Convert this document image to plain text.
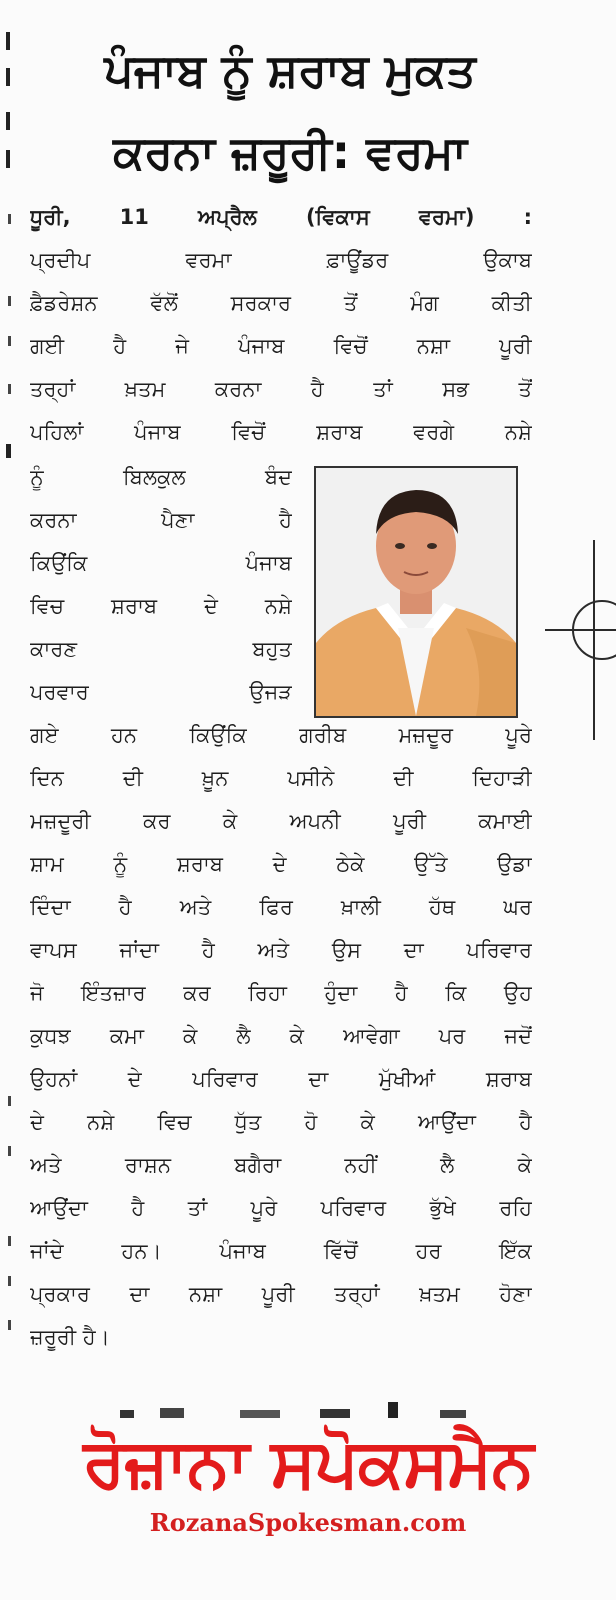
ਪੰਜਾਬ ਨੂੰ ਸ਼ਰਾਬ ਮੁਕਤ
ਕਰਨਾ ਜ਼ਰੂਰੀ: ਵਰਮਾ
ਧੂਰੀ, 11 ਅਪ੍ਰੈਲ (ਵਿਕਾਸ ਵਰਮਾ) :
ਪ੍ਰਦੀਪ ਵਰਮਾ ਫ਼ਾਊਂਡਰ ਉਕਾਬ
ਫ਼ੈਡਰੇਸ਼ਨ ਵੱਲੋਂ ਸਰਕਾਰ ਤੋਂ ਮੰਗ ਕੀਤੀ
ਗਈ ਹੈ ਜੇ ਪੰਜਾਬ ਵਿਚੋਂ ਨਸ਼ਾ ਪੂਰੀ
ਤਰ੍ਹਾਂ ਖ਼ਤਮ ਕਰਨਾ ਹੈ ਤਾਂ ਸਭ ਤੋਂ
ਪਹਿਲਾਂ ਪੰਜਾਬ ਵਿਚੋਂ ਸ਼ਰਾਬ ਵਰਗੇ ਨਸ਼ੇ
ਨੂੰ ਬਿਲਕੁਲ ਬੰਦ
ਕਰਨਾ ਪੈਣਾ ਹੈ
ਕਿਉਂਕਿ ਪੰਜਾਬ
ਵਿਚ ਸ਼ਰਾਬ ਦੇ ਨਸ਼ੇ
ਕਾਰਣ ਬਹੁਤ
ਪਰਵਾਰ ਉਜੜ
ਗਏ ਹਨ ਕਿਉਂਕਿ ਗਰੀਬ ਮਜ਼ਦੂਰ ਪੂਰੇ
ਦਿਨ ਦੀ ਖ਼ੂਨ ਪਸੀਨੇ ਦੀ ਦਿਹਾੜੀ
ਮਜ਼ਦੂਰੀ ਕਰ ਕੇ ਅਪਨੀ ਪੂਰੀ ਕਮਾਈ
ਸ਼ਾਮ ਨੂੰ ਸ਼ਰਾਬ ਦੇ ਠੇਕੇ ਉੱਤੇ ਉਡਾ
ਦਿੰਦਾ ਹੈ ਅਤੇ ਫਿਰ ਖ਼ਾਲੀ ਹੱਥ ਘਰ
ਵਾਪਸ ਜਾਂਦਾ ਹੈ ਅਤੇ ਉਸ ਦਾ ਪਰਿਵਾਰ
ਜੋ ਇੰਤਜ਼ਾਰ ਕਰ ਰਿਹਾ ਹੁੰਦਾ ਹੈ ਕਿ ਉਹ
ਕੁਧਝ ਕਮਾ ਕੇ ਲੈ ਕੇ ਆਵੇਗਾ ਪਰ ਜਦੋਂ
ਉਹਨਾਂ ਦੇ ਪਰਿਵਾਰ ਦਾ ਮੁੱਖੀਆਂ ਸ਼ਰਾਬ
ਦੇ ਨਸ਼ੇ ਵਿਚ ਧੁੱਤ ਹੋ ਕੇ ਆਉਂਦਾ ਹੈ
ਅਤੇ ਰਾਸ਼ਨ ਬਗੈਰਾ ਨਹੀਂ ਲੈ ਕੇ
ਆਉਂਦਾ ਹੈ ਤਾਂ ਪੂਰੇ ਪਰਿਵਾਰ ਭੁੱਖੇ ਰਹਿ
ਜਾਂਦੇ ਹਨ। ਪੰਜਾਬ ਵਿੱਚੋਂ ਹਰ ਇੱਕ
ਪ੍ਰਕਾਰ ਦਾ ਨਸ਼ਾ ਪੂਰੀ ਤਰ੍ਹਾਂ ਖ਼ਤਮ ਹੋਣਾ
ਜ਼ਰੂਰੀ ਹੈ।
ਰੋਜ਼ਾਨਾ ਸਪੋਕਸਮੈਨ
RozanaSpokesman.com
